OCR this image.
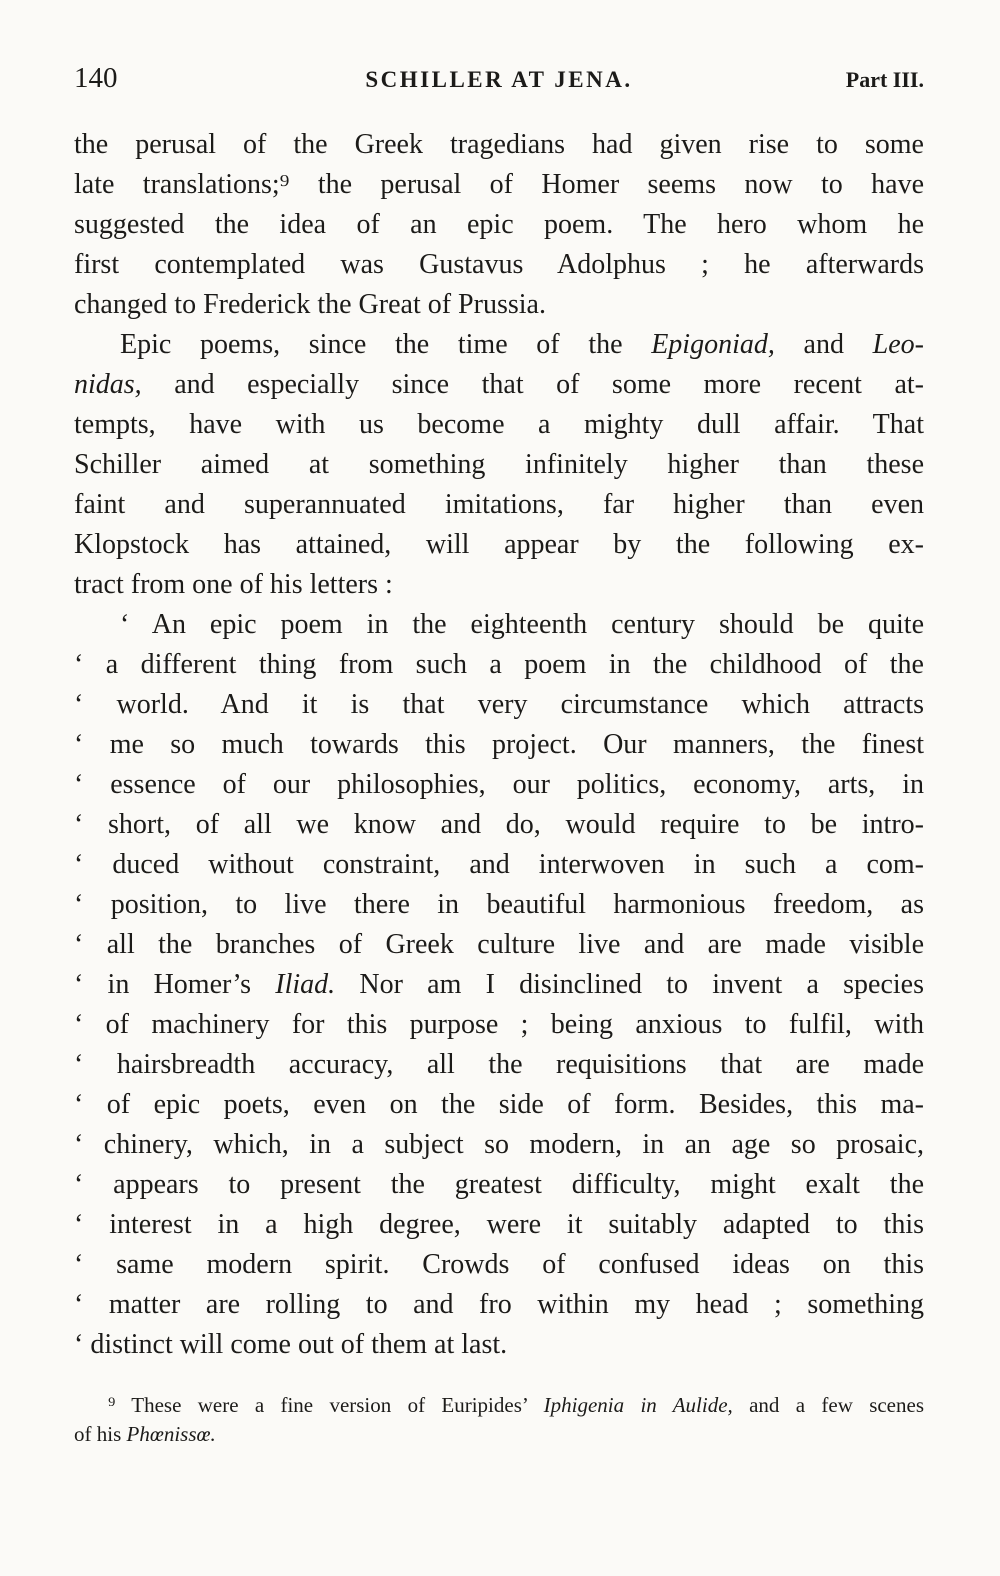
140	SCHILLER AT JENA.	Part III.
the perusal of the Greek tragedians had given rise to some
late translations;⁹ the perusal of Homer seems now to have
suggested the idea of an epic poem. The hero whom he
first contemplated was Gustavus Adolphus ; he afterwards
changed to Frederick the Great of Prussia.
Epic poems, since the time of the Epigoniad, and Leo-
nidas, and especially since that of some more recent at-
tempts, have with us become a mighty dull affair. That
Schiller aimed at something infinitely higher than these
faint and superannuated imitations, far higher than even
Klopstock has attained, will appear by the following ex-
tract from one of his letters :
‘ An epic poem in the eighteenth century should be quite
‘ a different thing from such a poem in the childhood of the
‘ world. And it is that very circumstance which attracts
‘ me so much towards this project. Our manners, the finest
‘ essence of our philosophies, our politics, economy, arts, in
‘ short, of all we know and do, would require to be intro-
‘ duced without constraint, and interwoven in such a com-
‘ position, to live there in beautiful harmonious freedom, as
‘ all the branches of Greek culture live and are made visible
‘ in Homer’s Iliad. Nor am I disinclined to invent a species
‘ of machinery for this purpose ; being anxious to fulfil, with
‘ hairsbreadth accuracy, all the requisitions that are made
‘ of epic poets, even on the side of form. Besides, this ma-
‘ chinery, which, in a subject so modern, in an age so prosaic,
‘ appears to present the greatest difficulty, might exalt the
‘ interest in a high degree, were it suitably adapted to this
‘ same modern spirit. Crowds of confused ideas on this
‘ matter are rolling to and fro within my head ; something
‘ distinct will come out of them at last.
⁹ These were a fine version of Euripides’ Iphigenia in Aulide, and a few scenes
of his Phœnissœ.
